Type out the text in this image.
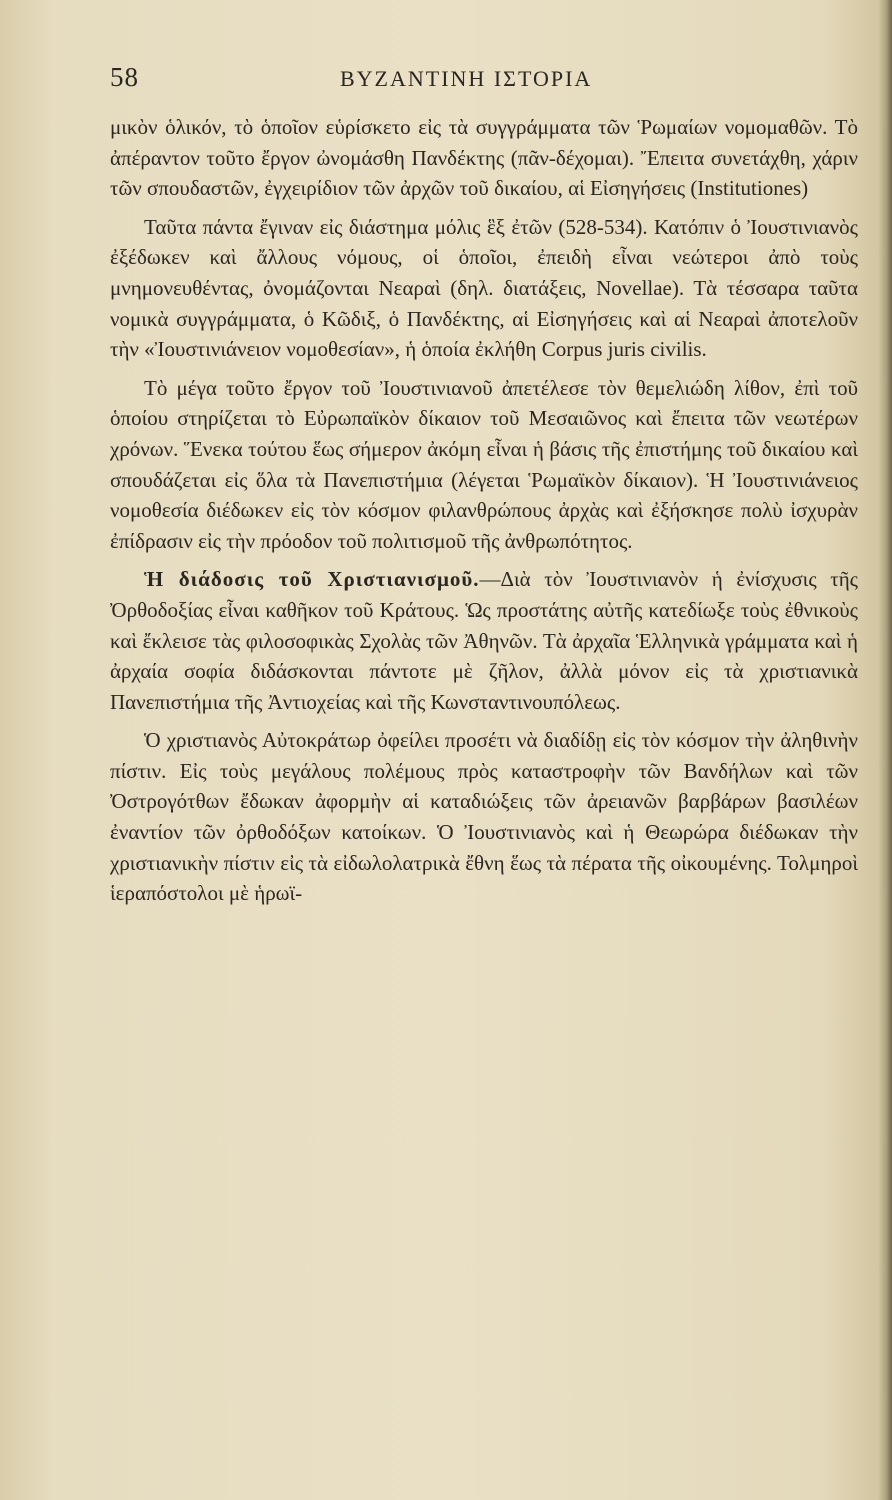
58	ΒΥΖΑΝΤΙΝΗ ΙΣΤΟΡΙΑ

μικὸν ὁλικόν, τὸ ὁποῖον εὑρίσκετο εἰς τὰ συγγράμματα τῶν Ῥωμαίων νομομαθῶν. Τὸ ἀπέραντον τοῦτο ἔργον ὠνομάσθη Πανδέκτης (πᾶν-δέχομαι). Ἔπειτα συνετάχθη, χάριν τῶν σπουδαστῶν, ἐγχειρίδιον τῶν ἀρχῶν τοῦ δικαίου, αἱ Εἰσηγήσεις (Institutiones)

Ταῦτα πάντα ἔγιναν εἰς διάστημα μόλις ἓξ ἐτῶν (528-534). Κατόπιν ὁ Ἰουστινιανὸς ἐξέδωκεν καὶ ἄλλους νόμους, οἱ ὁποῖοι, ἐπειδὴ εἶναι νεώτεροι ἀπὸ τοὺς μνημονευθέντας, ὀνομάζονται Νεαραὶ (δηλ. διατάξεις, Novellae). Τὰ τέσσαρα ταῦτα νομικὰ συγγράμματα, ὁ Κῶδιξ, ὁ Πανδέκτης, αἱ Εἰσηγήσεις καὶ αἱ Νεαραὶ ἀποτελοῦν τὴν «Ἰουστινιάνειον νομοθεσίαν», ἡ ὁποία ἐκλήθη Corpus juris civilis.

Τὸ μέγα τοῦτο ἔργον τοῦ Ἰουστινιανοῦ ἀπετέλεσε τὸν θεμελιώδη λίθον, ἐπὶ τοῦ ὁποίου στηρίζεται τὸ Εὐρωπαϊκὸν δίκαιον τοῦ Μεσαιῶνος καὶ ἔπειτα τῶν νεωτέρων χρόνων. Ἕνεκα τούτου ἕως σήμερον ἀκόμη εἶναι ἡ βάσις τῆς ἐπιστήμης τοῦ δικαίου καὶ σπουδάζεται εἰς ὅλα τὰ Πανεπιστήμια (λέγεται Ῥωμαϊκὸν δίκαιον). Ἡ Ἰουστινιάνειος νομοθεσία διέδωκεν εἰς τὸν κόσμον φιλανθρώπους ἀρχὰς καὶ ἐξήσκησε πολὺ ἰσχυρὰν ἐπίδρασιν εἰς τὴν πρόοδον τοῦ πολιτισμοῦ τῆς ἀνθρωπότητος.

Ἡ διάδοσις τοῦ Χριστιανισμοῦ.—Διὰ τὸν Ἰουστινιανὸν ἡ ἐνίσχυσις τῆς Ὀρθοδοξίας εἶναι καθῆκον τοῦ Κράτους. Ὡς προστάτης αὐτῆς κατεδίωξε τοὺς ἐθνικοὺς καὶ ἔκλεισε τὰς φιλοσοφικὰς Σχολὰς τῶν Ἀθηνῶν. Τὰ ἀρχαῖα Ἑλληνικὰ γράμματα καὶ ἡ ἀρχαία σοφία διδάσκονται πάντοτε μὲ ζῆλον, ἀλλὰ μόνον εἰς τὰ χριστιανικὰ Πανεπιστήμια τῆς Ἀντιοχείας καὶ τῆς Κωνσταντινουπόλεως.

Ὁ χριστιανὸς Αὐτοκράτωρ ὀφείλει προσέτι νὰ διαδίδῃ εἰς τὸν κόσμον τὴν ἀληθινὴν πίστιν. Εἰς τοὺς μεγάλους πολέμους πρὸς καταστροφὴν τῶν Βανδήλων καὶ τῶν Ὀστρογότθων ἔδωκαν ἀφορμὴν αἱ καταδιώξεις τῶν ἀρειανῶν βαρβάρων βασιλέων ἐναντίον τῶν ὀρθοδόξων κατοίκων. Ὁ Ἰουστινιανὸς καὶ ἡ Θεωρώρα διέδωκαν τὴν χριστιανικὴν πίστιν εἰς τὰ εἰδωλολατρικὰ ἔθνη ἕως τὰ πέρατα τῆς οἰκουμένης. Τολμηροὶ ἱεραπόστολοι μὲ ἡρωϊ-
